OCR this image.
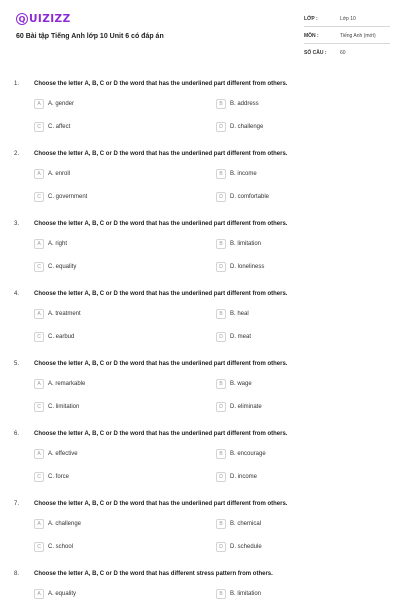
Q UIZIZZ
60 Bài tập Tiếng Anh lớp 10 Unit 6 có đáp án
LỚP :	Lớp 10
MÔN :	Tiếng Anh (mới)
SỐ CÂU :	60
1. Choose the letter A, B, C or D the word that has the underlined part different from others.
A	A. gender	B	B. address
C	C. affect	D	D. challenge
2. Choose the letter A, B, C or D the word that has the underlined part different from others.
A	A. enroll	B	B. income
C	C. government	D	D. comfortable
3. Choose the letter A, B, C or D the word that has the underlined part different from others.
A	A. right	B	B. limitation
C	C. equality	D	D. loneliness
4. Choose the letter A, B, C or D the word that has the underlined part different from others.
A	A. treatment	B	B. heal
C	C. earbud	D	D. meat
5. Choose the letter A, B, C or D the word that has the underlined part different from others.
A	A. remarkable	B	B. wage
C	C. limitation	D	D. eliminate
6. Choose the letter A, B, C or D the word that has the underlined part different from others.
A	A. effective	B	B. encourage
C	C. force	D	D. income
7. Choose the letter A, B, C or D the word that has the underlined part different from others.
A	A. challenge	B	B. chemical
C	C. school	D	D. schedule
8. Choose the letter A, B, C or D the word that has different stress pattern from others.
A	A. equality	B	B. limitation
